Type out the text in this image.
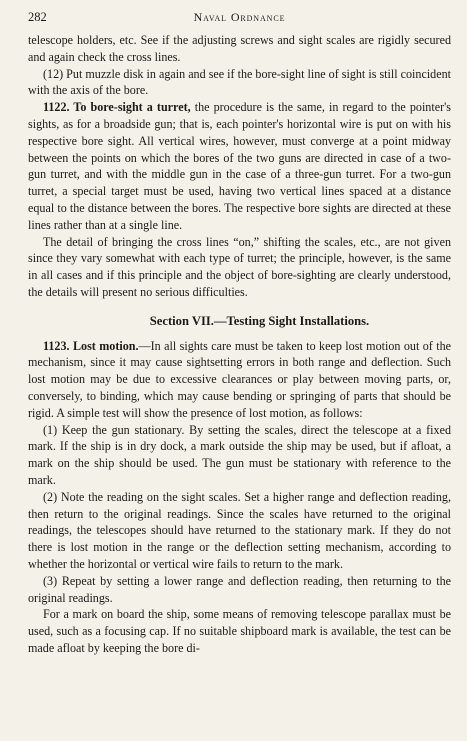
282	Naval Ordnance

telescope holders, etc. See if the adjusting screws and sight scales are rigidly secured and again check the cross lines.

(12) Put muzzle disk in again and see if the bore-sight line of sight is still coincident with the axis of the bore.

1122. To bore-sight a turret, the procedure is the same, in regard to the pointer's sights, as for a broadside gun; that is, each pointer's horizontal wire is put on with his respective bore sight. All vertical wires, however, must converge at a point midway between the points on which the bores of the two guns are directed in case of a two-gun turret, and with the middle gun in the case of a three-gun turret. For a two-gun turret, a special target must be used, having two vertical lines spaced at a distance equal to the distance between the bores. The respective bore sights are directed at these lines rather than at a single line.

The detail of bringing the cross lines “on,” shifting the scales, etc., are not given since they vary somewhat with each type of turret; the principle, however, is the same in all cases and if this principle and the object of bore-sighting are clearly understood, the details will present no serious difficulties.

Section VII.—Testing Sight Installations.

1123. Lost motion.—In all sights care must be taken to keep lost motion out of the mechanism, since it may cause sightsetting errors in both range and deflection. Such lost motion may be due to excessive clearances or play between moving parts, or, conversely, to binding, which may cause bending or springing of parts that should be rigid. A simple test will show the presence of lost motion, as follows:

(1) Keep the gun stationary. By setting the scales, direct the telescope at a fixed mark. If the ship is in dry dock, a mark outside the ship may be used, but if afloat, a mark on the ship should be used. The gun must be stationary with reference to the mark.

(2) Note the reading on the sight scales. Set a higher range and deflection reading, then return to the original readings. Since the scales have returned to the original readings, the telescopes should have returned to the stationary mark. If they do not there is lost motion in the range or the deflection setting mechanism, according to whether the horizontal or vertical wire fails to return to the mark.

(3) Repeat by setting a lower range and deflection reading, then returning to the original readings.

For a mark on board the ship, some means of removing telescope parallax must be used, such as a focusing cap. If no suitable shipboard mark is available, the test can be made afloat by keeping the bore di-
